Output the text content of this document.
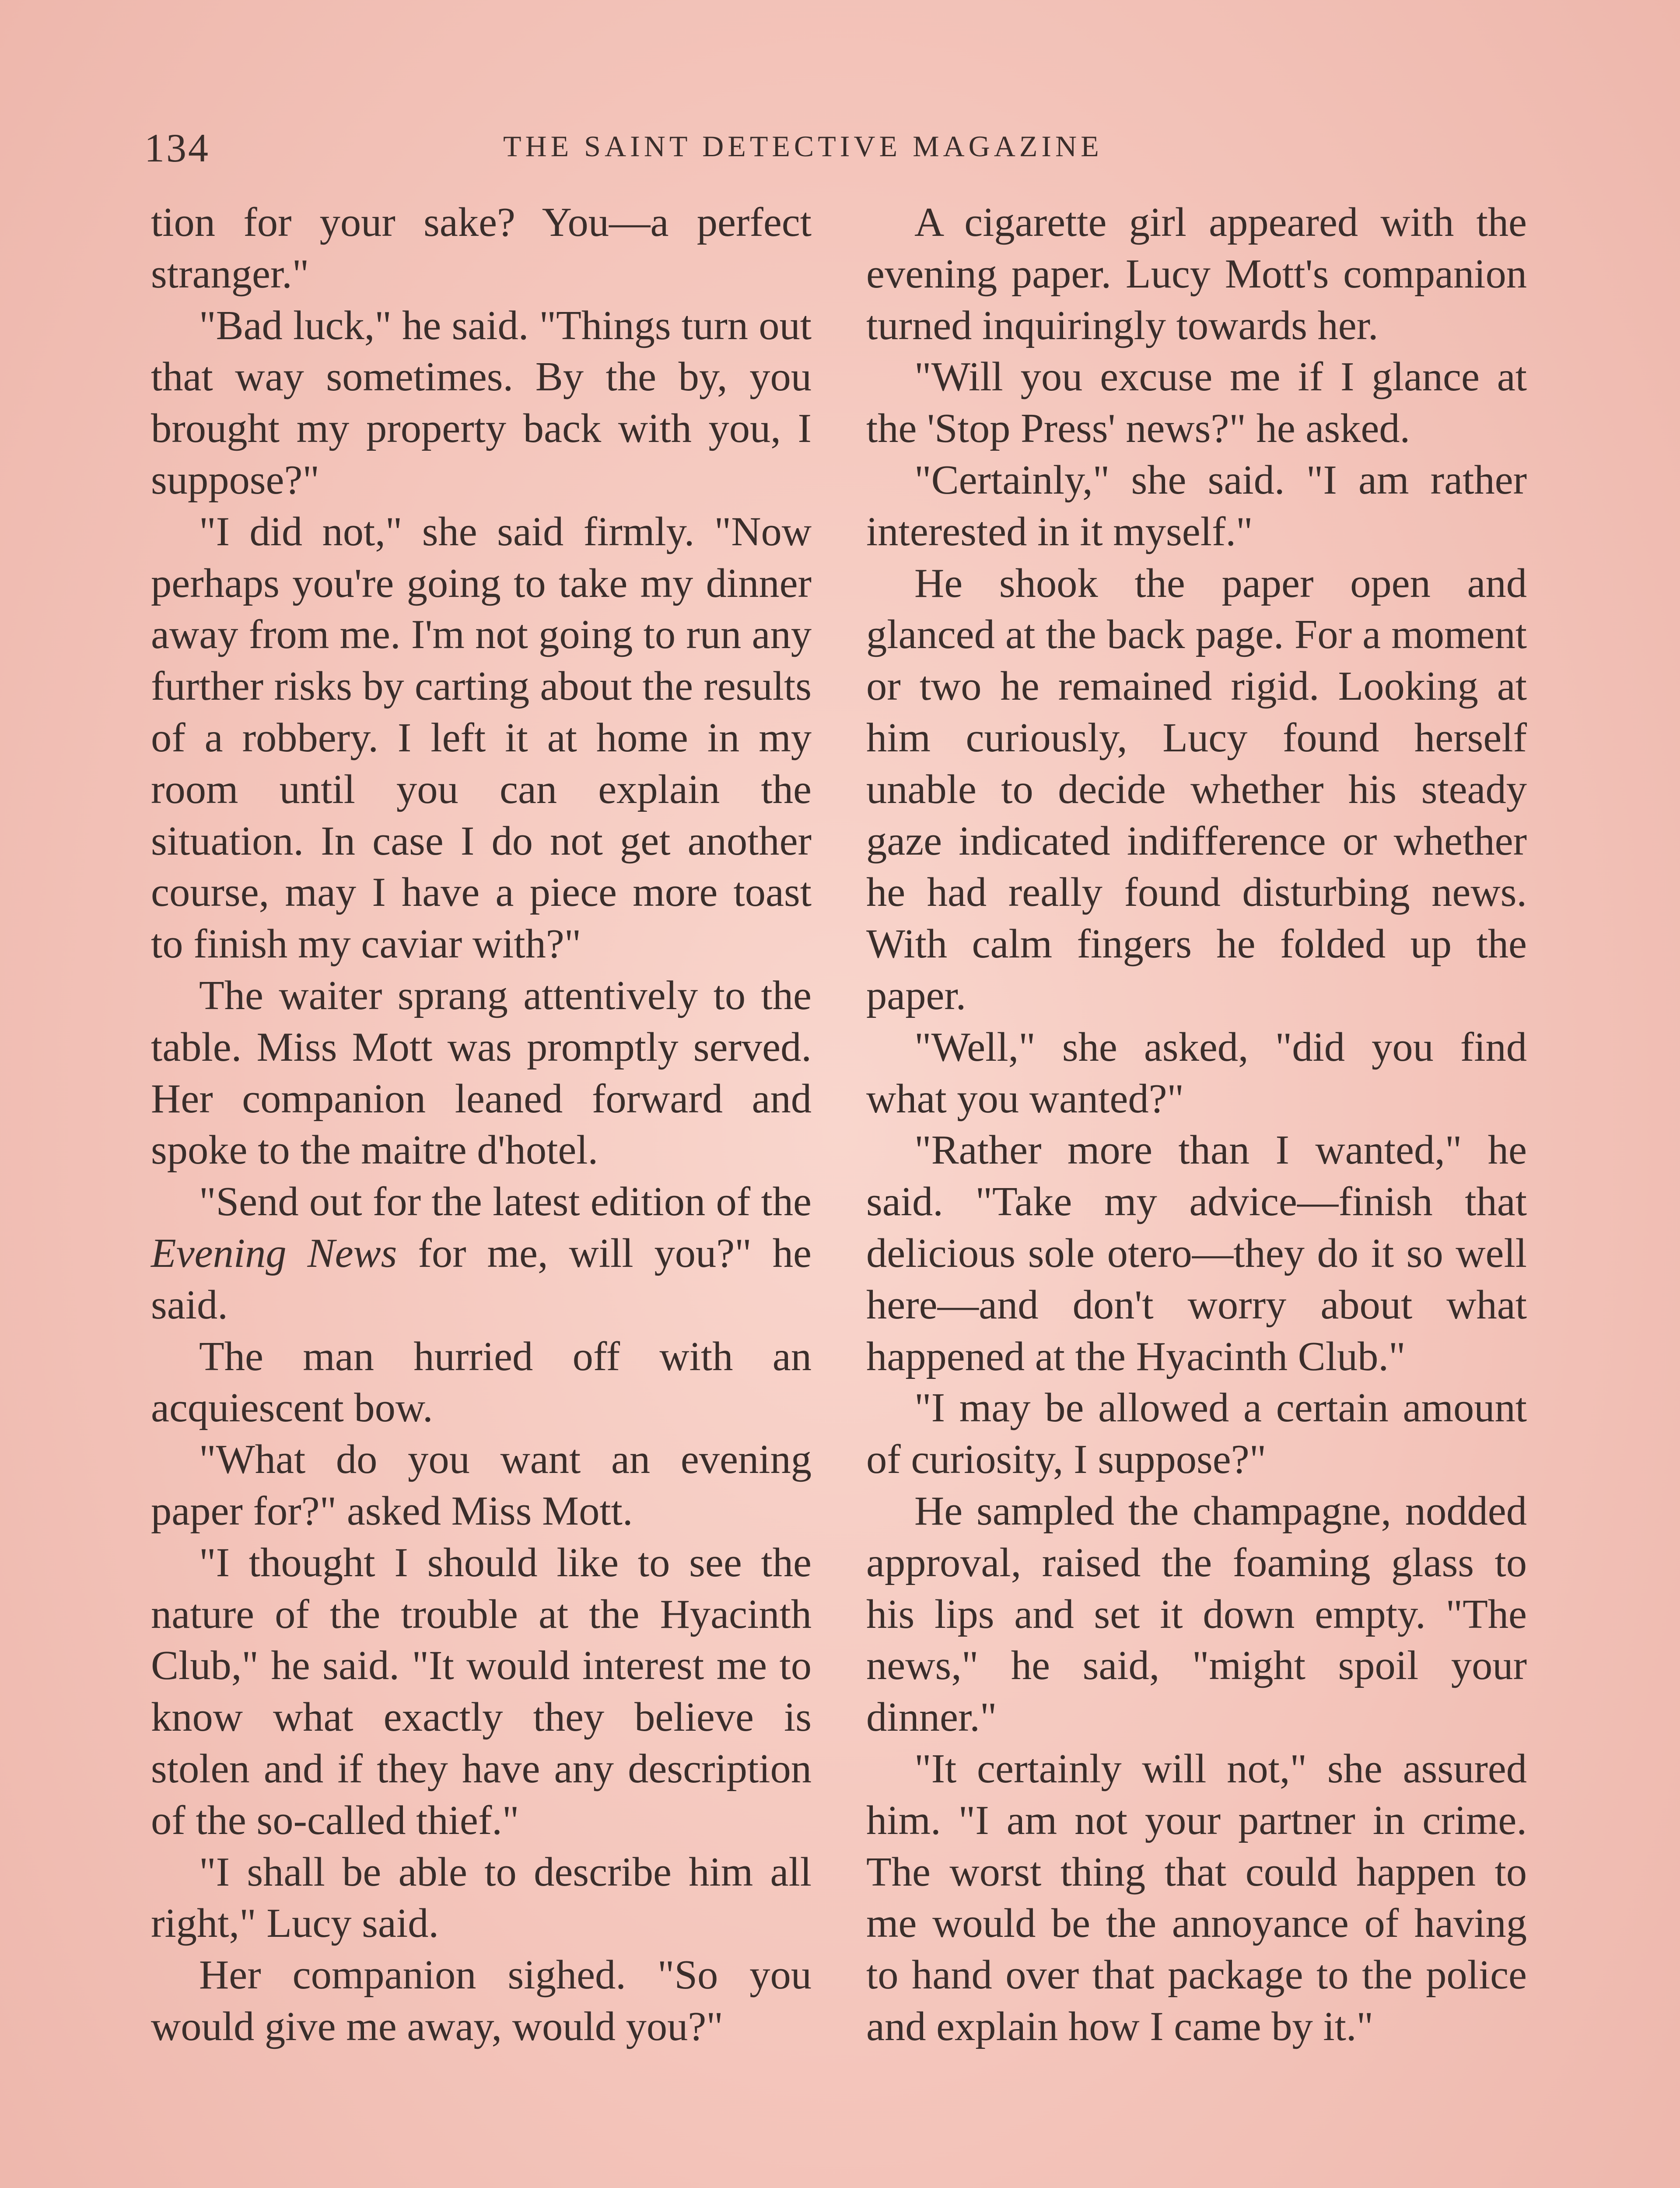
134	THE SAINT DETECTIVE MAGAZINE

tion for your sake? You—a perfect stranger."

"Bad luck," he said. "Things turn out that way sometimes. By the by, you brought my property back with you, I suppose?"

"I did not," she said firmly. "Now perhaps you're going to take my dinner away from me. I'm not going to run any further risks by carting about the results of a robbery. I left it at home in my room until you can explain the situation. In case I do not get another course, may I have a piece more toast to finish my caviar with?"

The waiter sprang attentively to the table. Miss Mott was promptly served. Her companion leaned forward and spoke to the maitre d'hotel.

"Send out for the latest edition of the Evening News for me, will you?" he said.

The man hurried off with an acquiescent bow.

"What do you want an evening paper for?" asked Miss Mott.

"I thought I should like to see the nature of the trouble at the Hyacinth Club," he said. "It would interest me to know what exactly they believe is stolen and if they have any description of the so-called thief."

"I shall be able to describe him all right," Lucy said.

Her companion sighed. "So you would give me away, would you?"

A cigarette girl appeared with the evening paper. Lucy Mott's companion turned inquiringly towards her.

"Will you excuse me if I glance at the 'Stop Press' news?" he asked.

"Certainly," she said. "I am rather interested in it myself."

He shook the paper open and glanced at the back page. For a moment or two he remained rigid. Looking at him curiously, Lucy found herself unable to decide whether his steady gaze indicated indifference or whether he had really found disturbing news. With calm fingers he folded up the paper.

"Well," she asked, "did you find what you wanted?"

"Rather more than I wanted," he said. "Take my advice—finish that delicious sole otero—they do it so well here—and don't worry about what happened at the Hyacinth Club."

"I may be allowed a certain amount of curiosity, I suppose?"

He sampled the champagne, nodded approval, raised the foaming glass to his lips and set it down empty. "The news," he said, "might spoil your dinner."

"It certainly will not," she assured him. "I am not your partner in crime. The worst thing that could happen to me would be the annoyance of having to hand over that package to the police and explain how I came by it."
